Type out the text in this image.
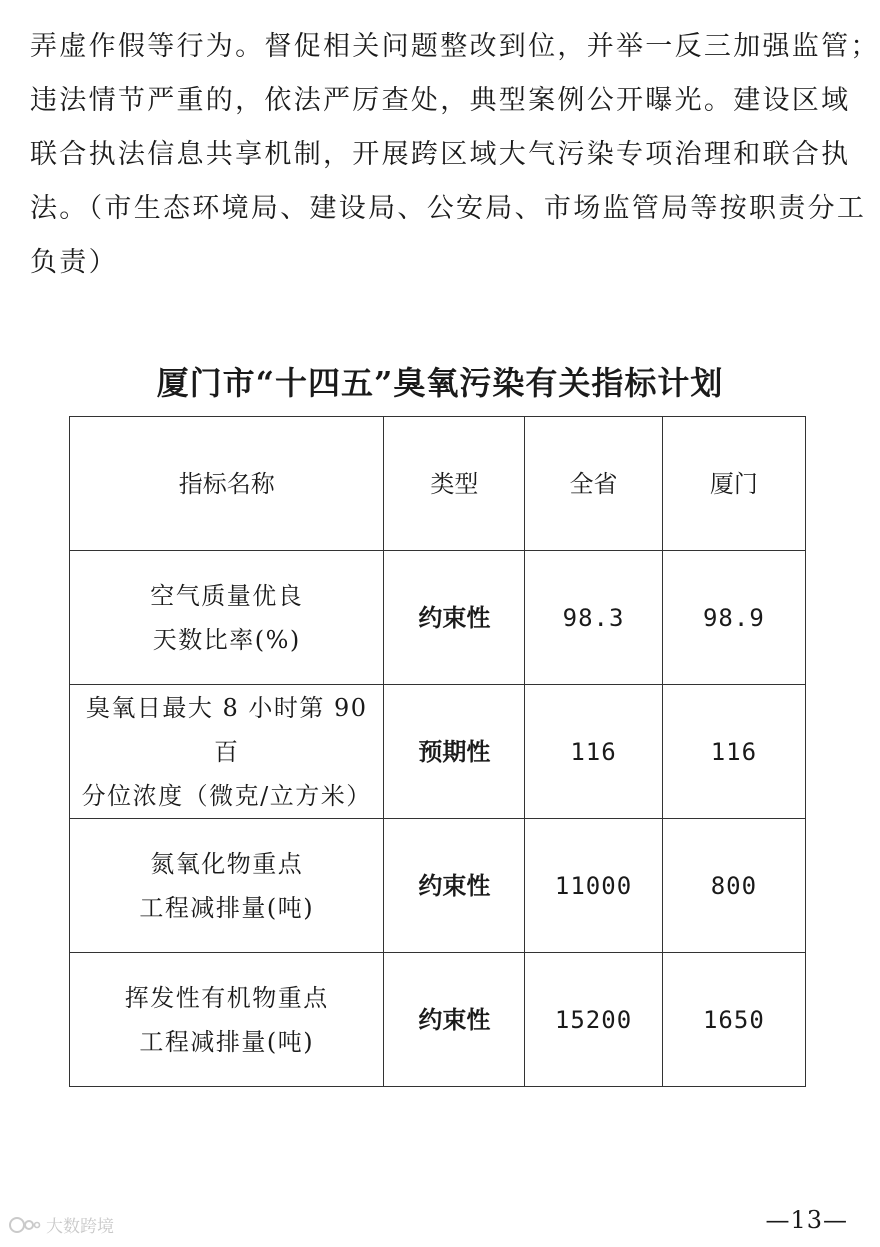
弄虚作假等行为。督促相关问题整改到位，并举一反三加强监管；
违法情节严重的，依法严厉查处，典型案例公开曝光。建设区域
联合执法信息共享机制，开展跨区域大气污染专项治理和联合执
法。（市生态环境局、建设局、公安局、市场监管局等按职责分工
负责）
厦门市“十四五”臭氧污染有关指标计划
指标名称	类型	全省	厦门

空气质量优良
天数比率(%)	约束性	98.3	98.9

臭氧日最大 8 小时第 90 百
分位浓度（微克/立方米）	预期性	116	116

氮氧化物重点
工程减排量(吨)	约束性	11000	800

挥发性有机物重点
工程减排量(吨)	约束性	15200	1650
大数跨境	—13—
